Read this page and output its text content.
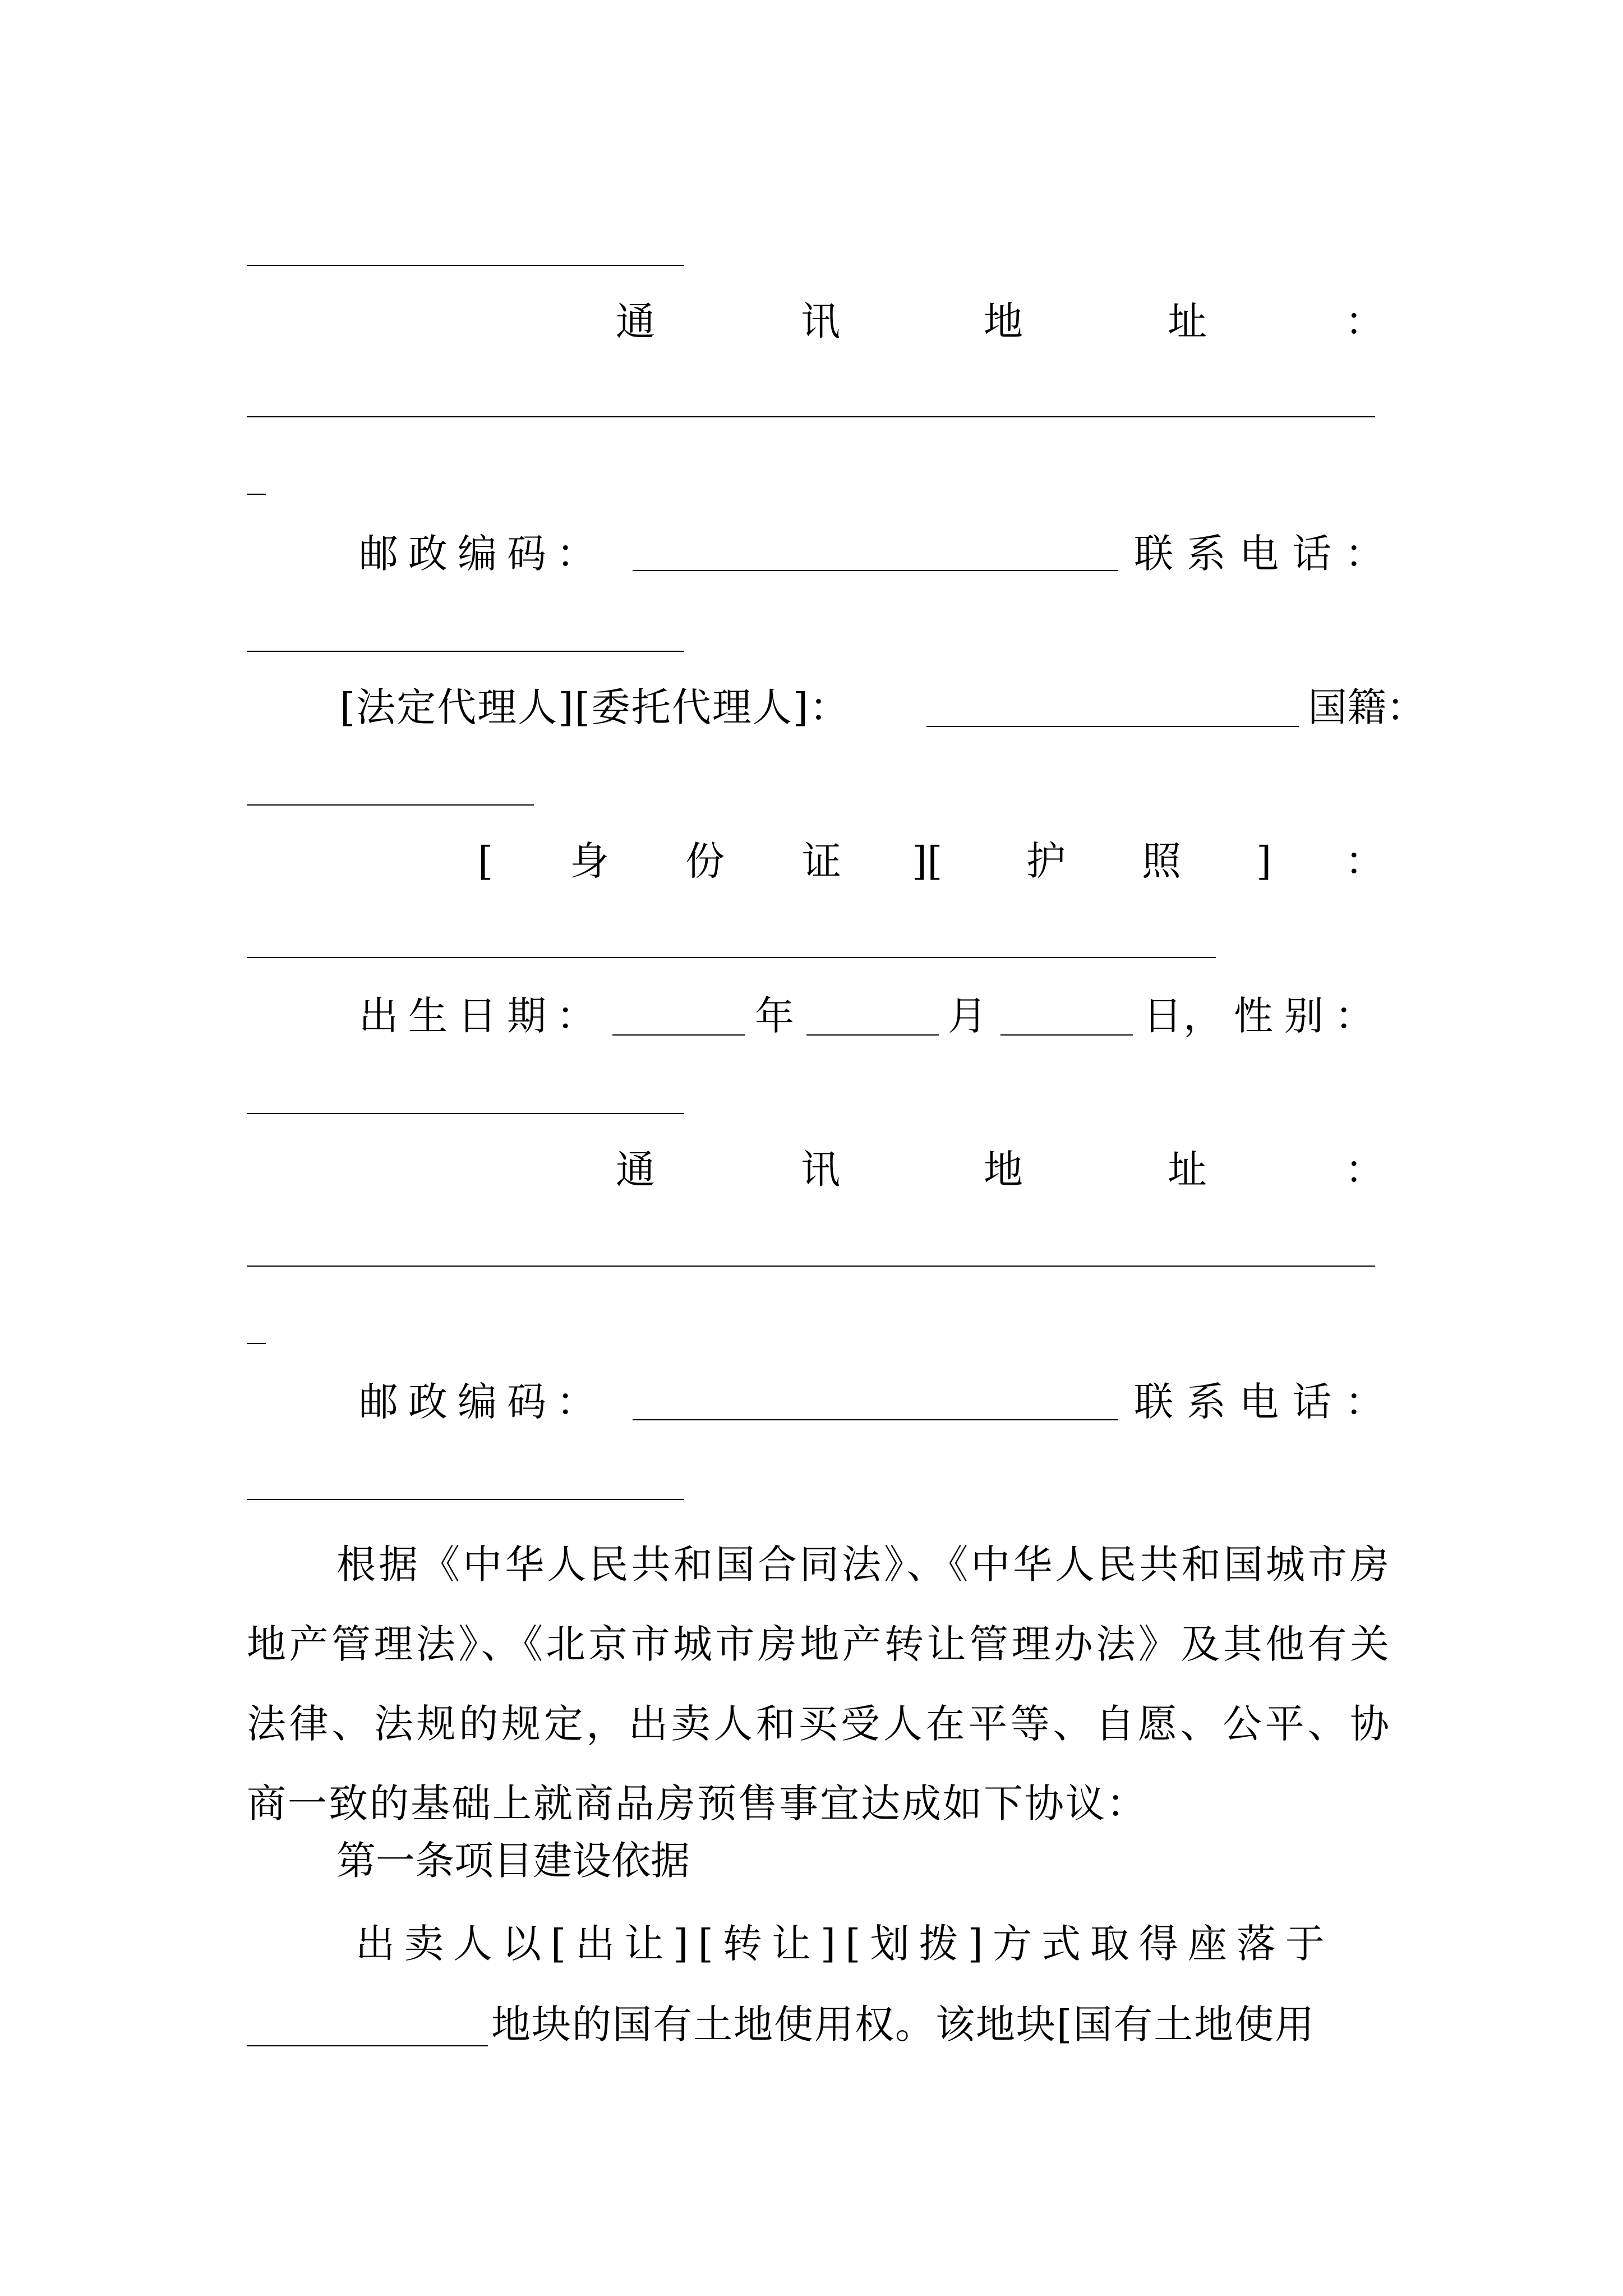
通	讯	地	址	：
邮 政 编 码 ：	联 系 电 话 ：
[法定代理人][委托代理人]：	国籍：
[ 身 份 证 ][ 护 照 ] ：
出生日期：	年	月	日 ，性别：
通	讯	地	址	：
邮 政 编 码 ：	联 系 电 话 ：
根据《中华人民共和国合同法》、《中华人民共和国城市房地产管理法》、《北京市城市房地产转让管理办法》及其他有关法律、法规的规定，出卖人和买受人在平等、自愿、公平、协商一致的基础上就商品房预售事宜达成如下协议：
第一条项目建设依据
出卖人以[出让][转让][划拨]方式取得座落于
地块的国有土地使用权。该地块[国有土地使用
